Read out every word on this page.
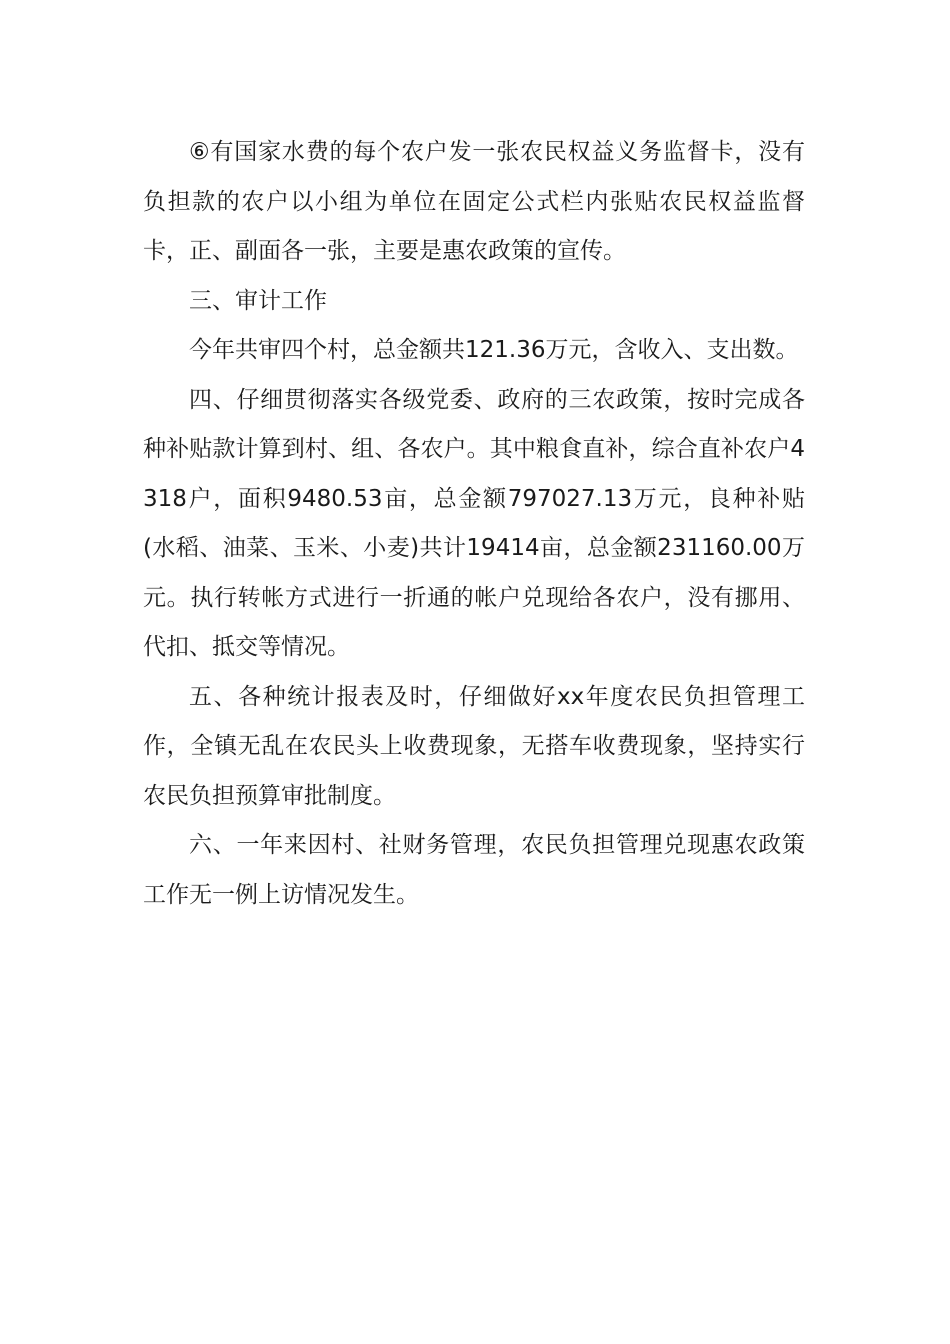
⑥有国家水费的每个农户发一张农民权益义务监督卡，没有负担款的农户以小组为单位在固定公式栏内张贴农民权益监督卡，正、副面各一张，主要是惠农政策的宣传。

三、审计工作

今年共审四个村，总金额共121.36万元，含收入、支出数。

四、仔细贯彻落实各级党委、政府的三农政策，按时完成各种补贴款计算到村、组、各农户。其中粮食直补，综合直补农户4318户，面积9480.53亩，总金额797027.13万元，良种补贴(水稻、油菜、玉米、小麦)共计19414亩，总金额231160.00万元。执行转帐方式进行一折通的帐户兑现给各农户，没有挪用、代扣、抵交等情况。

五、各种统计报表及时，仔细做好xx年度农民负担管理工作，全镇无乱在农民头上收费现象，无搭车收费现象，坚持实行农民负担预算审批制度。

六、一年来因村、社财务管理，农民负担管理兑现惠农政策工作无一例上访情况发生。
